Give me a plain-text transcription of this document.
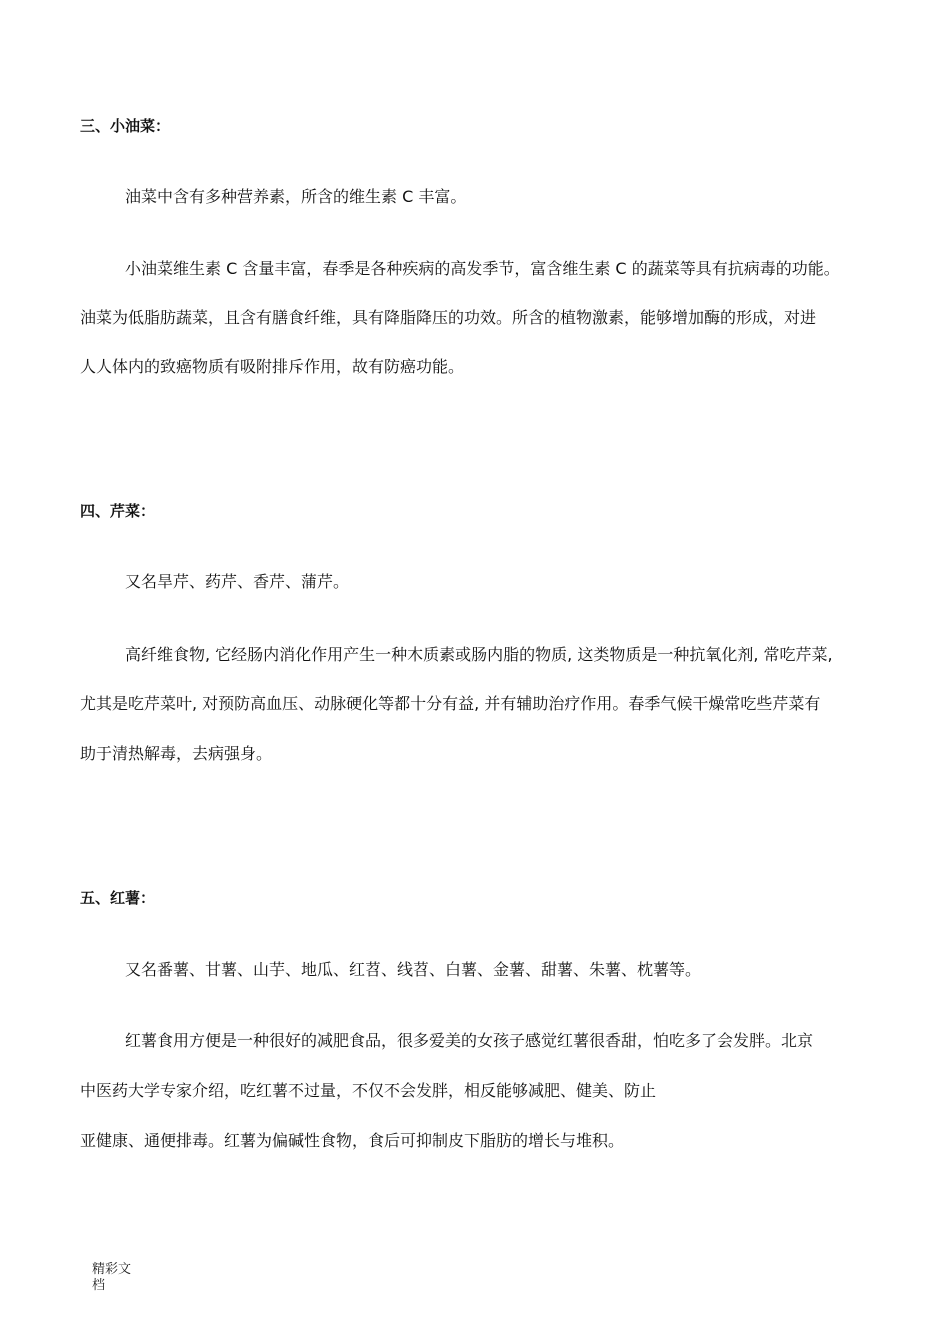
三、小油菜：
油菜中含有多种营养素，所含的维生素 C 丰富。
小油菜维生素 C 含量丰富，春季是各种疾病的高发季节，富含维生素 C 的蔬菜等具有抗病毒的功能。
油菜为低脂肪蔬菜，且含有膳食纤维，具有降脂降压的功效。所含的植物激素，能够增加酶的形成，对进
人人体内的致癌物质有吸附排斥作用，故有防癌功能。
四、芹菜：
又名旱芹、药芹、香芹、蒲芹。
高纤维食物, 它经肠内消化作用产生一种木质素或肠内脂的物质, 这类物质是一种抗氧化剂, 常吃芹菜,
尤其是吃芹菜叶, 对预防高血压、动脉硬化等都十分有益, 并有辅助治疗作用。春季气候干燥常吃些芹菜有
助于清热解毒，去病强身。
五、红薯：
又名番薯、甘薯、山芋、地瓜、红苕、线苕、白薯、金薯、甜薯、朱薯、枕薯等。
红薯食用方便是一种很好的减肥食品，很多爱美的女孩子感觉红薯很香甜，怕吃多了会发胖。北京
中医药大学专家介绍，吃红薯不过量，不仅不会发胖，相反能够减肥、健美、防止
亚健康、通便排毒。红薯为偏碱性食物，食后可抑制皮下脂肪的增长与堆积。
精彩文
档
